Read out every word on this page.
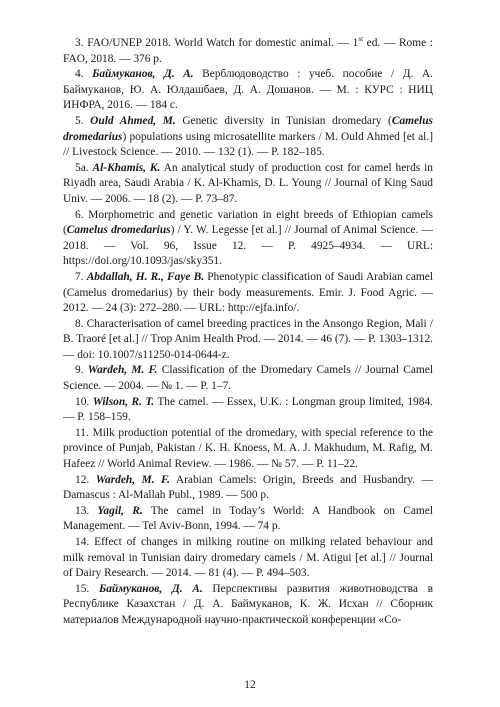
3. FAO/UNEP 2018. World Watch for domestic animal. — 1st ed. — Rome : FAO, 2018. — 376 p.

4. Баймуканов, Д. А. Верблюдоводство : учеб. пособие / Д. А. Баймуканов, Ю. А. Юлдашбаев, Д. А. Дошанов. — М. : КУРС : НИЦ ИНФРА, 2016. — 184 с.

5. Ould Ahmed, M. Genetic diversity in Tunisian dromedary (Camelus dromedarius) populations using microsatellite markers / M. Ould Ahmed [et al.] // Livestock Science. — 2010. — 132 (1). — P. 182–185.

5a. Al-Khamis, K. An analytical study of production cost for camel herds in Riyadh area, Saudi Arabia / K. Al-Khamis, D. L. Young // Journal of King Saud Univ. — 2006. — 18 (2). — P. 73–87.

6. Morphometric and genetic variation in eight breeds of Ethiopian camels (Camelus dromedarius) / Y. W. Legesse [et al.] // Journal of Animal Science. — 2018. — Vol. 96, Issue 12. — P. 4925–4934. — URL: https://doi.org/10.1093/jas/sky351.

7. Abdallah, H. R., Faye B. Phenotypic classification of Saudi Arabian camel (Camelus dromedarius) by their body measurements. Emir. J. Food Agric. — 2012. — 24 (3): 272–280. — URL: http://ejfa.info/.

8. Characterisation of camel breeding practices in the Ansongo Region, Mali / B. Traoré [et al.] // Trop Anim Health Prod. — 2014. — 46 (7). — P. 1303–1312. — doi: 10.1007/s11250-014-0644-z.

9. Wardeh, M. F. Classification of the Dromedary Camels // Journal Camel Science. — 2004. — № 1. — P. 1–7.

10. Wilson, R. T. The camel. — Essex, U.K. : Longman group limited, 1984. — P. 158–159.

11. Milk production potential of the dromedary, with special reference to the province of Punjab, Pakistan / K. H. Knoess, M. A. J. Makhudum, M. Rafig, M. Hafeez // World Animal Review. — 1986. — № 57. — P. 11–22.

12. Wardeh, M. F. Arabian Camels: Origin, Breeds and Husbandry. — Damascus : Al-Mallah Publ., 1989. — 500 p.

13. Yagil, R. The camel in Today’s World: A Handbook on Camel Management. — Tel Aviv-Bonn, 1994. — 74 p.

14. Effect of changes in milking routine on milking related behaviour and milk removal in Tunisian dairy dromedary camels / M. Atigui [et al.] // Journal of Dairy Research. — 2014. — 81 (4). — P. 494–503.

15. Баймуканов, Д. А. Перспективы развития животноводства в Республике Казахстан / Д. А. Баймуканов, К. Ж. Исхан // Сборник материалов Международной научно-практической конференции «Со-

12
